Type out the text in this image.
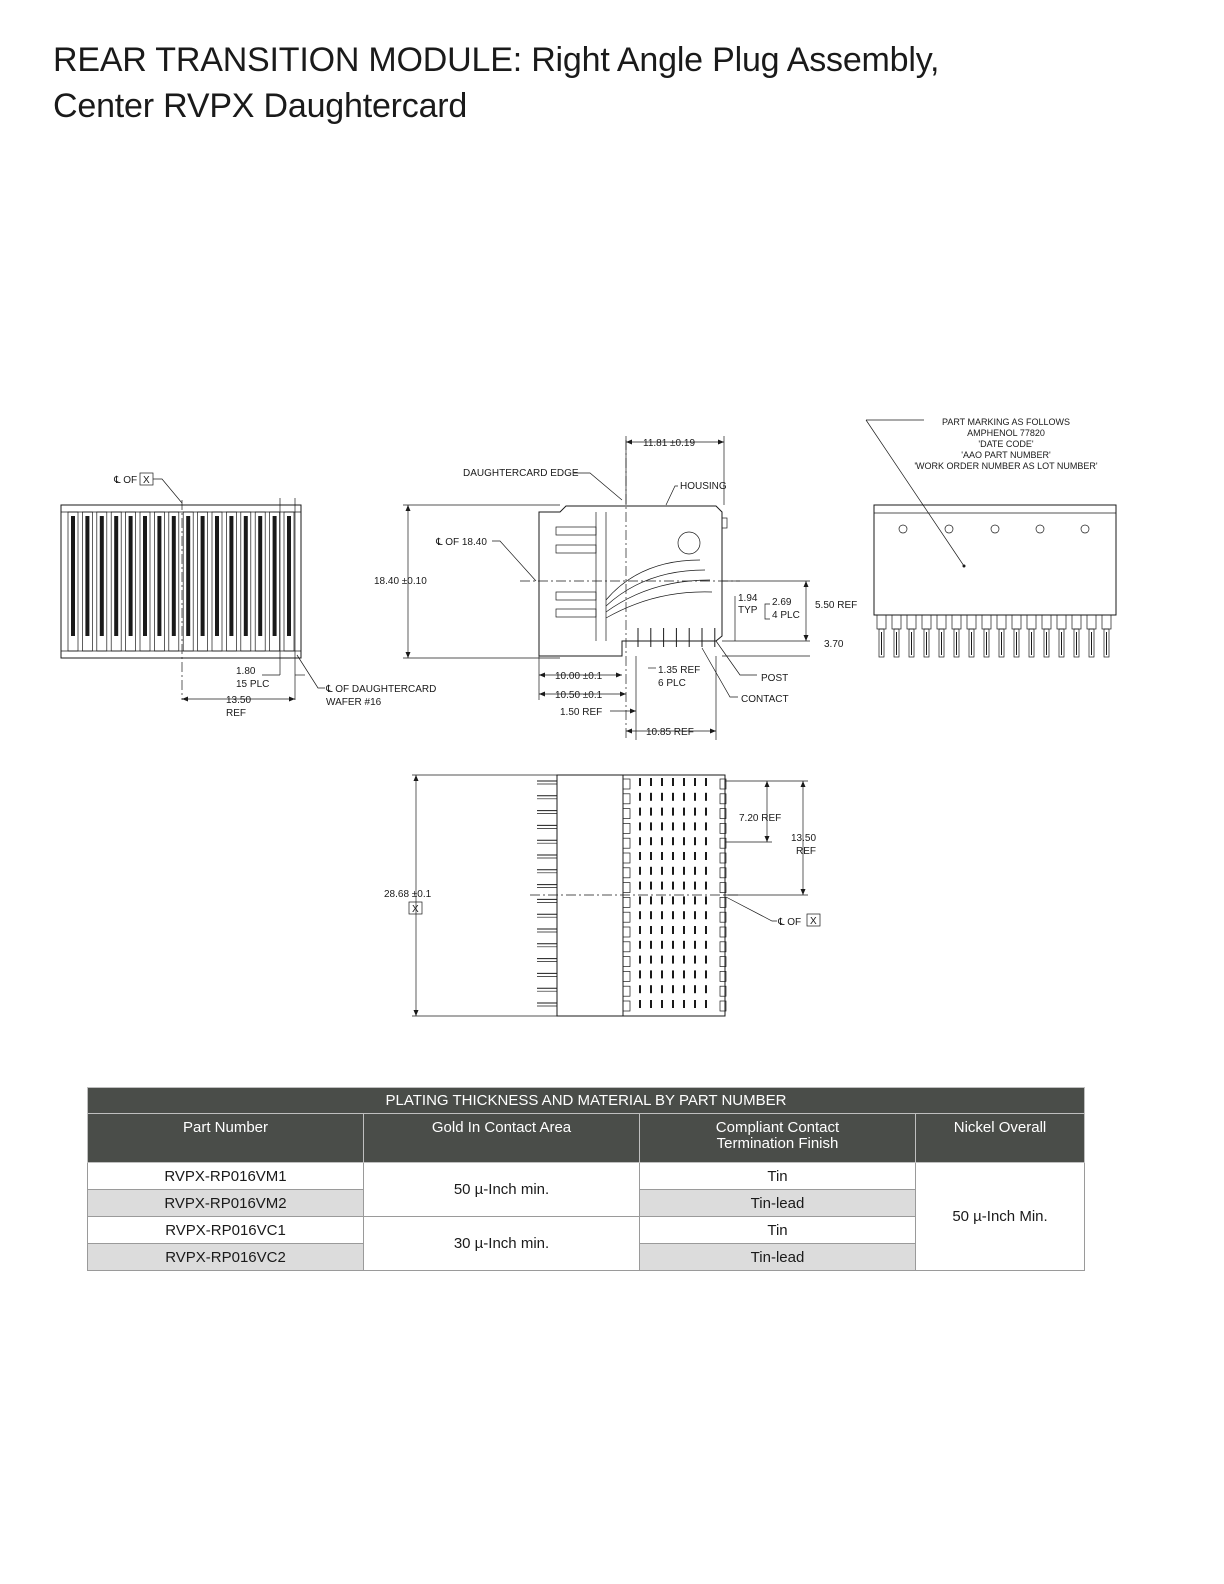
REAR TRANSITION MODULE: Right Angle Plug Assembly,
Center RVPX Daughtercard
℄ OF X
1.80
15 PLC
13.50
REF
℄ OF DAUGHTERCARD
WAFER #16
11.81 ±0.19
DAUGHTERCARD EDGE
HOUSING
℄ OF 18.40
18.40 ±0.10
1.94
TYP
2.69
4 PLC
5.50 REF
3.70
10.00 ±0.1
10.50 ±0.1
1.50 REF
1.35 REF
6 PLC	POST
CONTACT
10.85 REF
PART MARKING AS FOLLOWS
AMPHENOL 77820
'DATE CODE'
'AAO PART NUMBER'
'WORK ORDER NUMBER AS LOT NUMBER'
28.68 ±0.1
X
7.20 REF
13.50
REF
℄ OF X
PLATING THICKNESS AND MATERIAL BY PART NUMBER			
Part Number	Gold In Contact Area	Compliant Contact
Termination Finish	Nickel Overall
RVPX-RP016VM1	50 µ-Inch min.	Tin	50 µ-Inch Min.
RVPX-RP016VM2		Tin-lead	
RVPX-RP016VC1	30 µ-Inch min.	Tin	
RVPX-RP016VC2		Tin-lead	
